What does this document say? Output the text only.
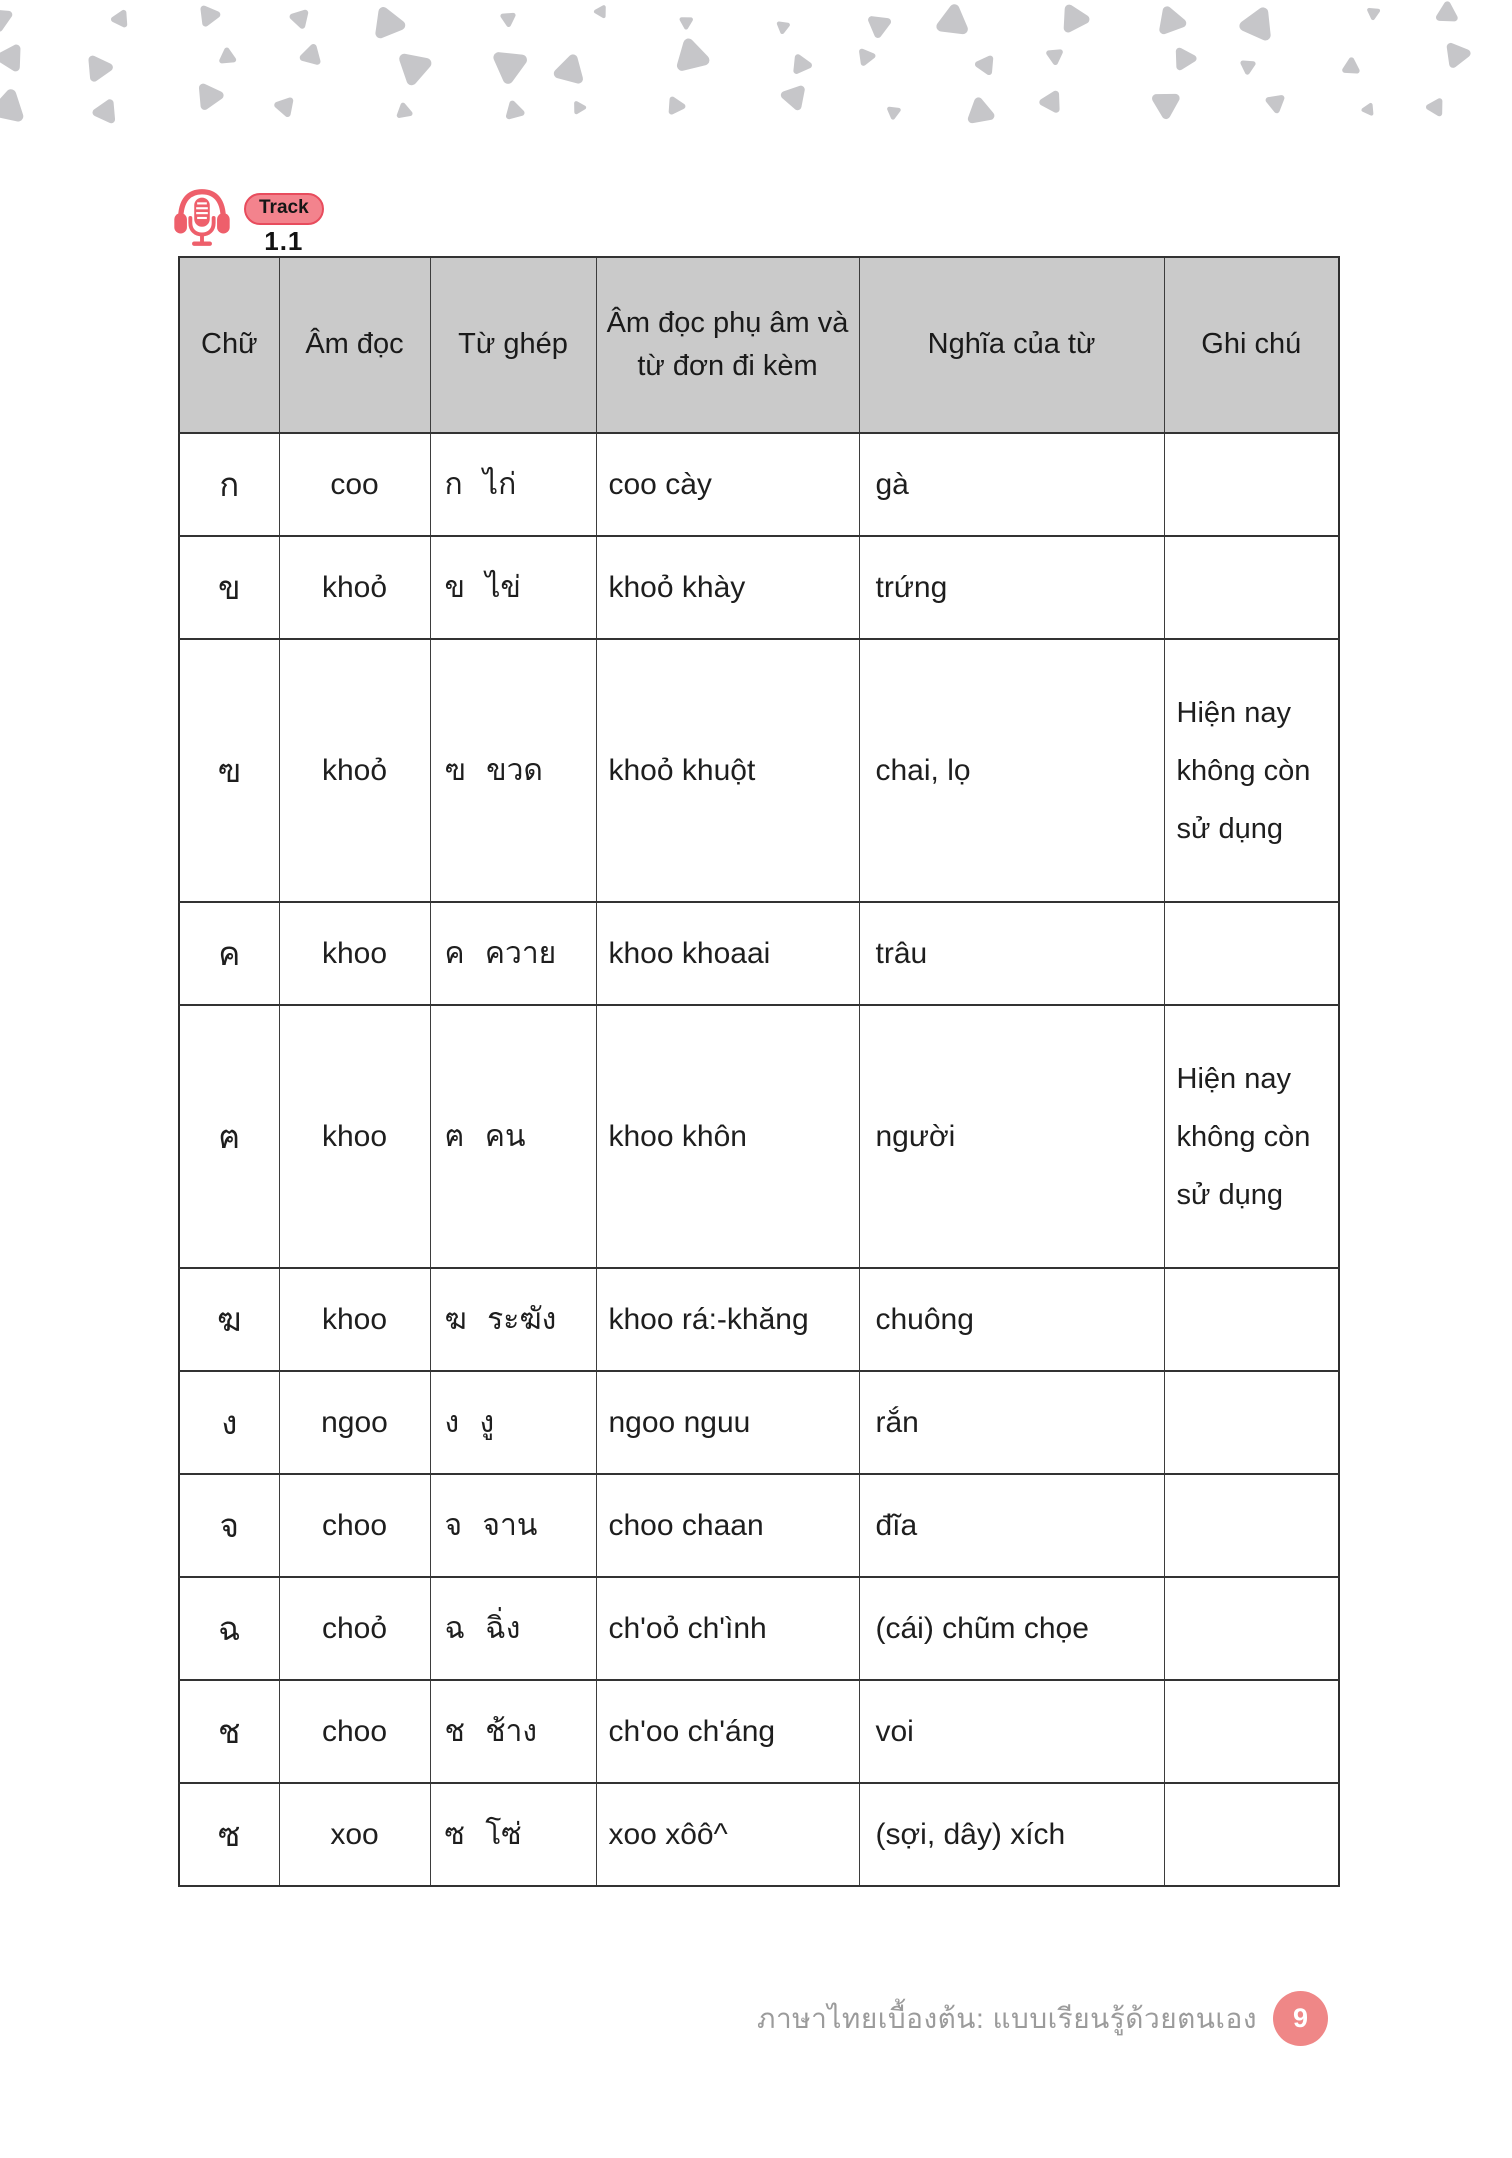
Track
1.1
Chữ	Âm đọc	Từ ghép	Âm đọc phụ âm và từ đơn đi kèm	Nghĩa của từ	Ghi chú
ก	coo	ก ไก่	coo cày	gà	
ข	khoỏ	ข ไข่	khoỏ khày	trứng	
ฃ	khoỏ	ฃ ขวด	khoỏ khuột	chai, lọ	Hiện nay không còn sử dụng
ค	khoo	ค ควาย	khoo khoaai	trâu	
ฅ	khoo	ฅ คน	khoo khôn	người	Hiện nay không còn sử dụng
ฆ	khoo	ฆ ระฆัง	khoo rá:-khăng	chuông	
ง	ngoo	ง งู	ngoo nguu	rắn	
จ	choo	จ จาน	choo chaan	đĩa	
ฉ	choỏ	ฉ ฉิ่ง	ch'oỏ ch'ình	(cái) chũm chọe	
ช	choo	ช ช้าง	ch'oo ch'áng	voi	
ซ	xoo	ซ โซ่	xoo xôô^	(sợi, dây) xích	
ภาษาไทยเบื้องต้น: แบบเรียนรู้ด้วยตนเอง	9
